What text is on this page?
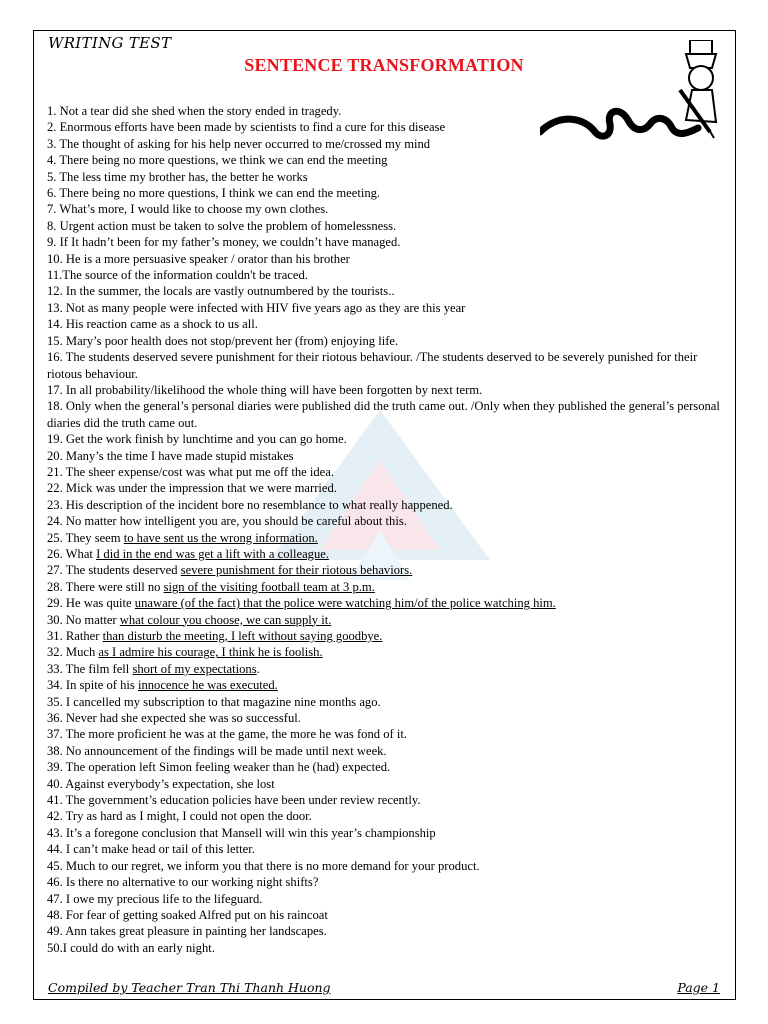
WRITING TEST
SENTENCE TRANSFORMATION
1. Not a tear did she shed when the story ended in tragedy.
2. Enormous efforts have been made by scientists to find a cure for this disease
3. The thought of asking for his help never occurred to me/crossed my mind
4. There being no more questions, we think we can end the meeting
5. The less time my brother has, the better he works
6. There being no more questions, I think we can end the meeting.
7. What’s more, I would like to choose my own clothes.
8. Urgent action must be taken to solve the problem of homelessness.
9. If It hadn’t been for my father’s money, we couldn’t have managed.
10. He is a more persuasive speaker / orator than his brother
11.The source of the information couldn't be traced.
12. In the summer, the locals are vastly outnumbered by the tourists..
13. Not as many people were infected with HIV five years ago as they are this year
14. His reaction came as a shock to us all.
15. Mary’s poor health does not stop/prevent her (from) enjoying life.
16. The students deserved severe punishment for their riotous behaviour. /The students deserved to be severely punished for their riotous behaviour.
17. In all probability/likelihood the whole thing will have been forgotten by next term.
18. Only when the general’s personal diaries were published did the truth came out. /Only when they published the general’s personal diaries did the truth came out.
19. Get the work finish by lunchtime and you can go home.
20. Many’s the time I have made stupid mistakes
21. The sheer expense/cost was what put me off the idea.
22. Mick was under the impression that we were married.
23. His description of the incident bore no resemblance to what really happened.
24. No matter how intelligent you are, you should be careful about this.
25. They seem to have sent us the wrong information.
26. What I did in the end was get a lift with a colleague.
27. The students deserved severe punishment for their riotous behaviors.
28. There were still no sign of the visiting football team at 3 p.m.
29. He was quite unaware (of the fact) that the police were watching him/of the police watching him.
30. No matter what colour you choose, we can supply it.
31. Rather than disturb the meeting, I left without saying goodbye.
32. Much as I admire his courage, I think he is foolish.
33. The film fell short of my expectations.
34. In spite of his innocence he was executed.
35. I cancelled my subscription to that magazine nine months ago.
36. Never had she expected she was so successful.
37. The more proficient he was at the game, the more he was fond of it.
38. No announcement of the findings will be made until next week.
39. The operation left Simon feeling weaker than he (had) expected.
40. Against everybody’s expectation, she lost
41. The government’s education policies have been under review recently.
42. Try as hard as I might, I could not open the door.
43. It’s a foregone conclusion that Mansell will win this year’s championship
44. I can’t make head or tail of this letter.
45. Much to our regret, we inform you that there is no more demand for your product.
46. Is there no alternative to our working night shifts?
47. I owe my precious life to the lifeguard.
48. For fear of getting soaked Alfred put on his raincoat
49. Ann takes great pleasure in painting her landscapes.
50.I could do with an early night.
Compiled by Teacher Tran Thi Thanh Huong	Page 1
